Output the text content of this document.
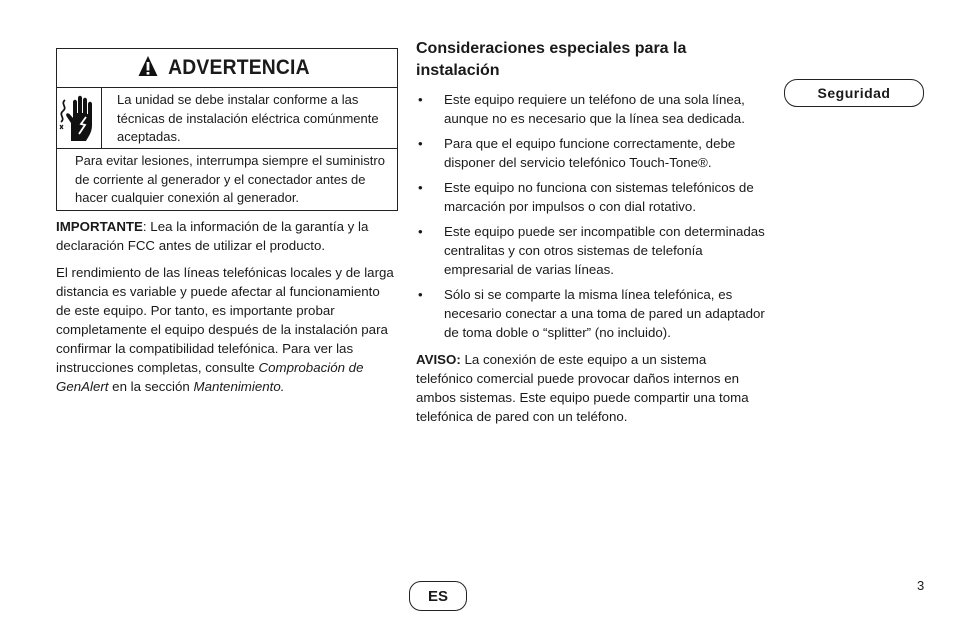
ADVERTENCIA
La unidad se debe instalar conforme a las técnicas de instalación eléctrica comúnmente aceptadas.
Para evitar lesiones, interrumpa siempre el suministro de corriente al generador y el conectador antes de hacer cualquier conexión al generador.

IMPORTANTE: Lea la información de la garantía y la declaración FCC antes de utilizar el producto.

El rendimiento de las líneas telefónicas locales y de larga distancia es variable y puede afectar al funcionamiento de este equipo. Por tanto, es importante probar completamente el equipo después de la instalación para confirmar la compatibilidad telefónica. Para ver las instrucciones completas, consulte Comprobación de GenAlert en la sección Mantenimiento.

Consideraciones especiales para la instalación
• Este equipo requiere un teléfono de una sola línea, aunque no es necesario que la línea sea dedicada.
• Para que el equipo funcione correctamente, debe disponer del servicio telefónico Touch-Tone®.
• Este equipo no funciona con sistemas telefónicos de marcación por impulsos o con dial rotativo.
• Este equipo puede ser incompatible con determinadas centralitas y con otros sistemas de telefonía empresarial de varias líneas.
• Sólo si se comparte la misma línea telefónica, es necesario conectar a una toma de pared un adaptador de toma doble o “splitter” (no incluido).

AVISO: La conexión de este equipo a un sistema telefónico comercial puede provocar daños internos en ambos sistemas. Este equipo puede compartir una toma telefónica de pared con un teléfono.

Seguridad
ES
3
